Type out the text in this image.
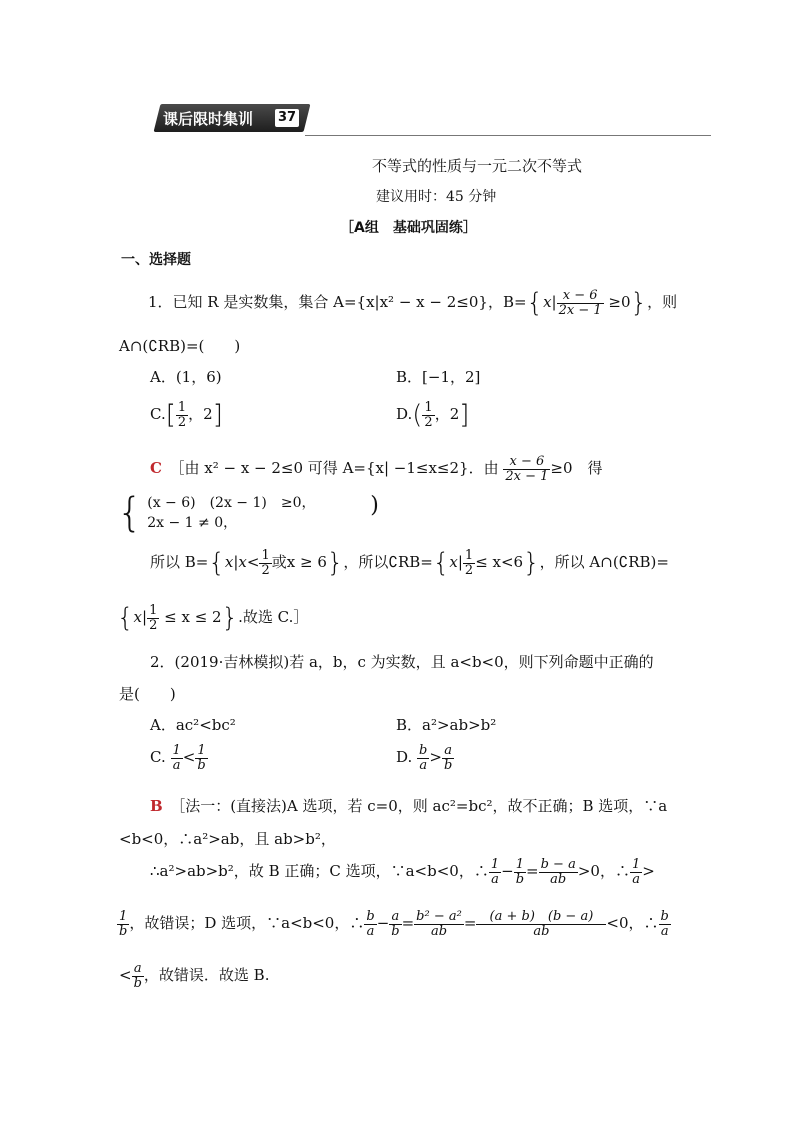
课后限时集训 37
不等式的性质与一元二次不等式
建议用时：45 分钟
［A组　基础巩固练］
一、选择题
1．已知 R 是实数集，集合 A={x|x² − x − 2≤0}，$B=\{x| \frac{x - 6}{2x - 1} \ge 0\}$，则
A∩(∁RB)=(　　)
A．(1，6)	B．[−1，2]
$C.[ \frac{1}{2}$ ，2]	$D.( \frac{1}{2}$ ，2]
C　 ［由 x² − x − 2≤0 可得 A={x| −1≤x≤2}．由 $\frac{x - 6}{2x - 1} \ge 0$　得
{ (x − 6)　(2x − 1)　≥0，
2x − 1 ≠ 0，
)
所以 $B=\{x|x< \frac{1}{2}$ 或x ≥ 6}，所以∁RB={x| $\frac{1}{2} \le x<6$}，所以 A∩(∁RB)=
$\{x| \frac{1}{2} \le x \le 2\}$.故选 C.］
2．(2019·吉林模拟)若 a，b，c 为实数，且 a<b<0，则下列命题中正确的
是(　　)
A．ac²<bc²	B．a²>ab>b²
C. $\frac{1}{a} < \frac{1}{b}$	D. $\frac{b}{a} > \frac{a}{b}$
B　 ［法一：(直接法)A 选项，若 c=0，则 ac²=bc²，故不正确；B 选项，∵a
<b<0，∴a²>ab，且 ab>b²，
∴a²>ab>b²，故 B 正确；C 选项，∵a<b<0，∴ $\frac{1}{a} - \frac{1}{b} = \frac{b - a}{ab} >0$，∴ $\frac{1}{a}$ >
$\frac{1}{b}$ ，故错误；D 选项，∵a<b<0，∴ $\frac{b}{a} - \frac{a}{b} = \frac{\text{b² − a²}}{ab} = \frac{(a + b) (b - a)}{ab} <0$，∴ $\frac{b}{a}$
< $\frac{a}{b}$ ，故错误．故选 B.
